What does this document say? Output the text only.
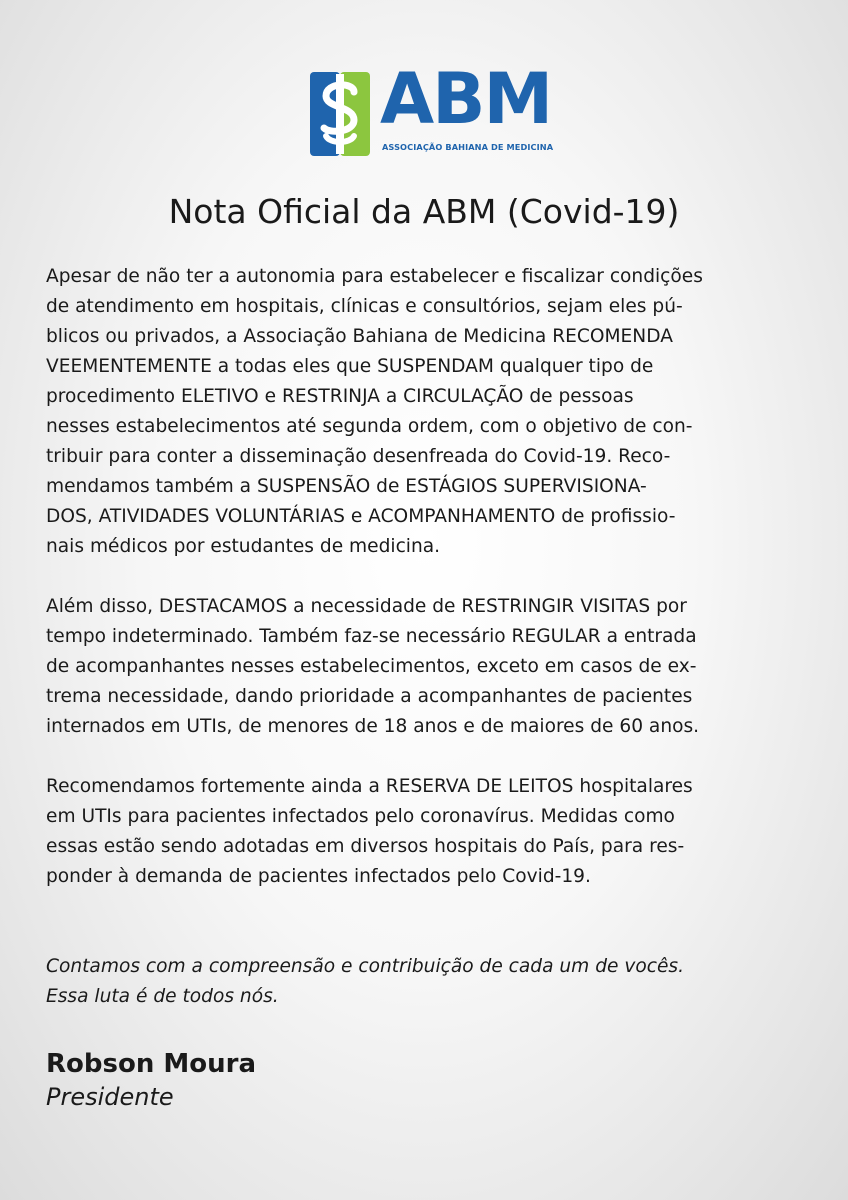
ABM
ASSOCIAÇÃO BAHIANA DE MEDICINA
Nota Oficial da ABM (Covid-19)

Apesar de não ter a autonomia para estabelecer e fiscalizar condições
de atendimento em hospitais, clínicas e consultórios, sejam eles pú-
blicos ou privados, a Associação Bahiana de Medicina RECOMENDA
VEEMENTEMENTE a todas eles que SUSPENDAM qualquer tipo de
procedimento ELETIVO e RESTRINJA a CIRCULAÇÃO de pessoas
nesses estabelecimentos até segunda ordem, com o objetivo de con-
tribuir para conter a disseminação desenfreada do Covid-19. Reco-
mendamos também a SUSPENSÃO de ESTÁGIOS SUPERVISIONA-
DOS, ATIVIDADES VOLUNTÁRIAS e ACOMPANHAMENTO de profissio-
nais médicos por estudantes de medicina.

Além disso, DESTACAMOS a necessidade de RESTRINGIR VISITAS por
tempo indeterminado. Também faz-se necessário REGULAR a entrada
de acompanhantes nesses estabelecimentos, exceto em casos de ex-
trema necessidade, dando prioridade a acompanhantes de pacientes
internados em UTIs, de menores de 18 anos e de maiores de 60 anos.

Recomendamos fortemente ainda a RESERVA DE LEITOS hospitalares
em UTIs para pacientes infectados pelo coronavírus. Medidas como
essas estão sendo adotadas em diversos hospitais do País, para res-
ponder à demanda de pacientes infectados pelo Covid-19.

Contamos com a compreensão e contribuição de cada um de vocês.
Essa luta é de todos nós.

Robson Moura

Presidente
